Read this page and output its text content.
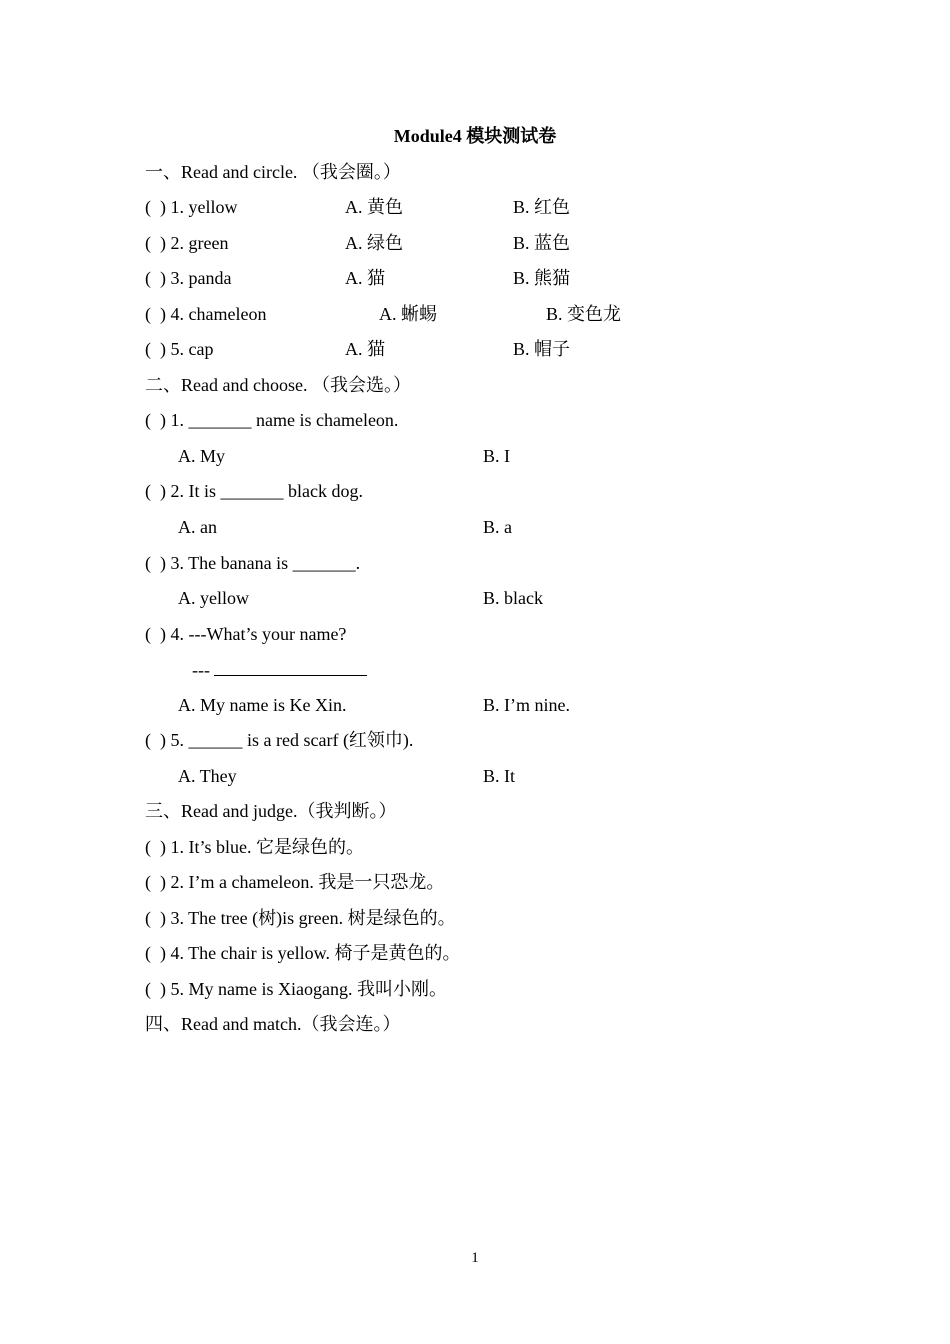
Module4 模块测试卷
一、Read and circle. （我会圈。）
(  ) 1. yellow	A. 黄色	B. 红色
(  ) 2. green	A. 绿色	B. 蓝色
(  ) 3. panda	A. 猫	B. 熊猫
(  ) 4. chameleon	A. 蜥蜴	B. 变色龙
(  ) 5. cap	A. 猫	B. 帽子
二、Read and choose. （我会选。）
(  ) 1. _______ name is chameleon.
A. My	B. I
(  ) 2. It is _______ black dog.
A. an	B. a
(  ) 3. The banana is _______.
A. yellow	B. black
(  ) 4. ---What’s your name?
---
A. My name is Ke Xin.	B. I’m nine.
(  ) 5. ______ is a red scarf (红领巾).
A. They	B. It
三、Read and judge.（我判断。）
(  ) 1. It’s blue. 它是绿色的。
(  ) 2. I’m a chameleon. 我是一只恐龙。
(  ) 3. The tree (树)is green. 树是绿色的。
(  ) 4. The chair is yellow. 椅子是黄色的。
(  ) 5. My name is Xiaogang. 我叫小刚。
四、Read and match.（我会连。）
1
